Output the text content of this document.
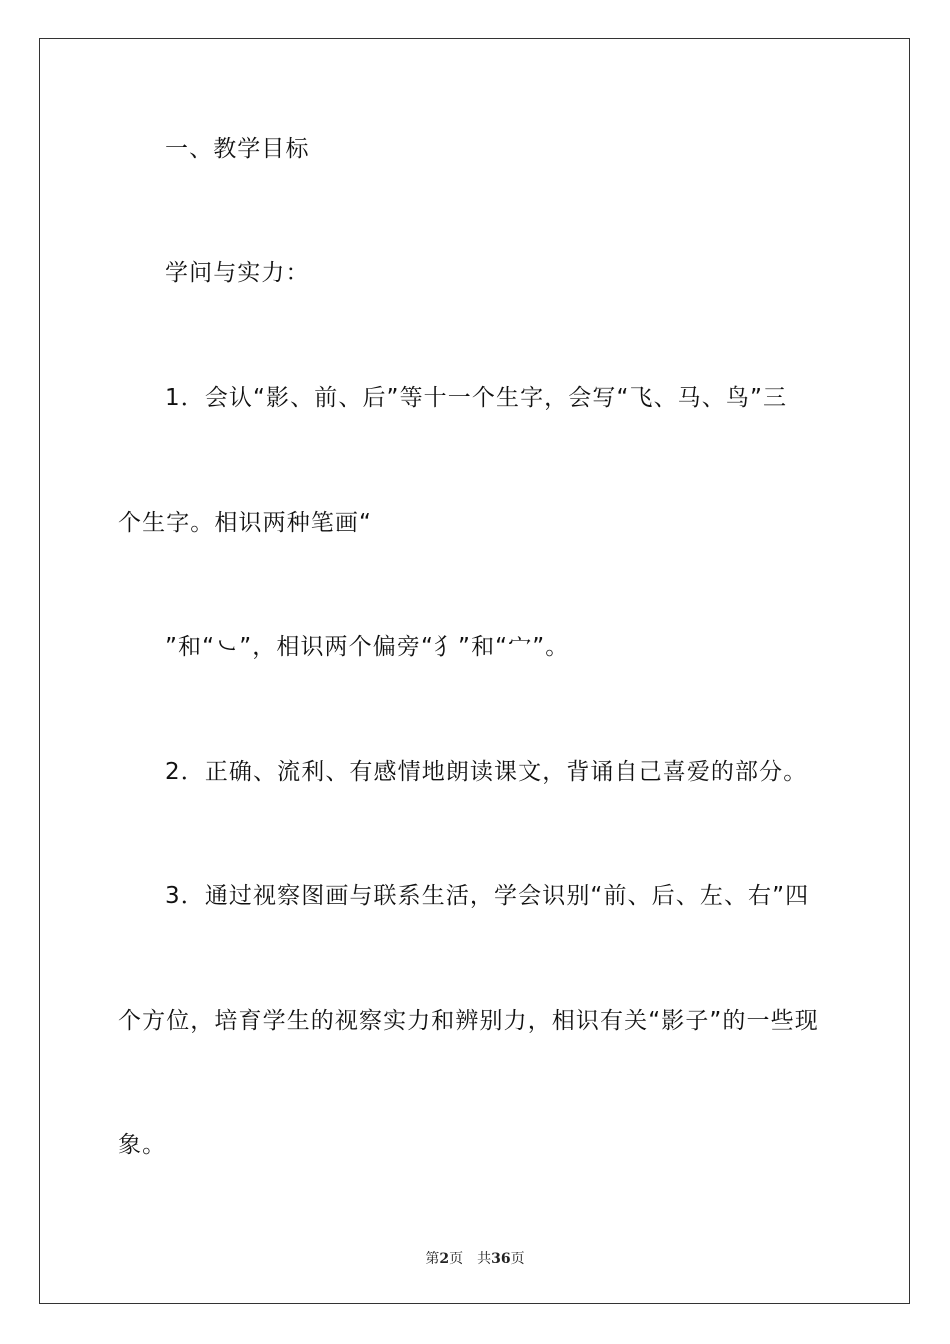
一、教学目标
学问与实力：
1．会认“影、前、后”等十一个生字，会写“飞、马、鸟”三
个生字。相识两种笔画“
”和“㇃”，相识两个偏旁“犭”和“宀”。
2．正确、流利、有感情地朗读课文，背诵自己喜爱的部分。
3．通过视察图画与联系生活，学会识别“前、后、左、右”四
个方位，培育学生的视察实力和辨别力，相识有关“影子”的一些现
象。
第2页 共36页
